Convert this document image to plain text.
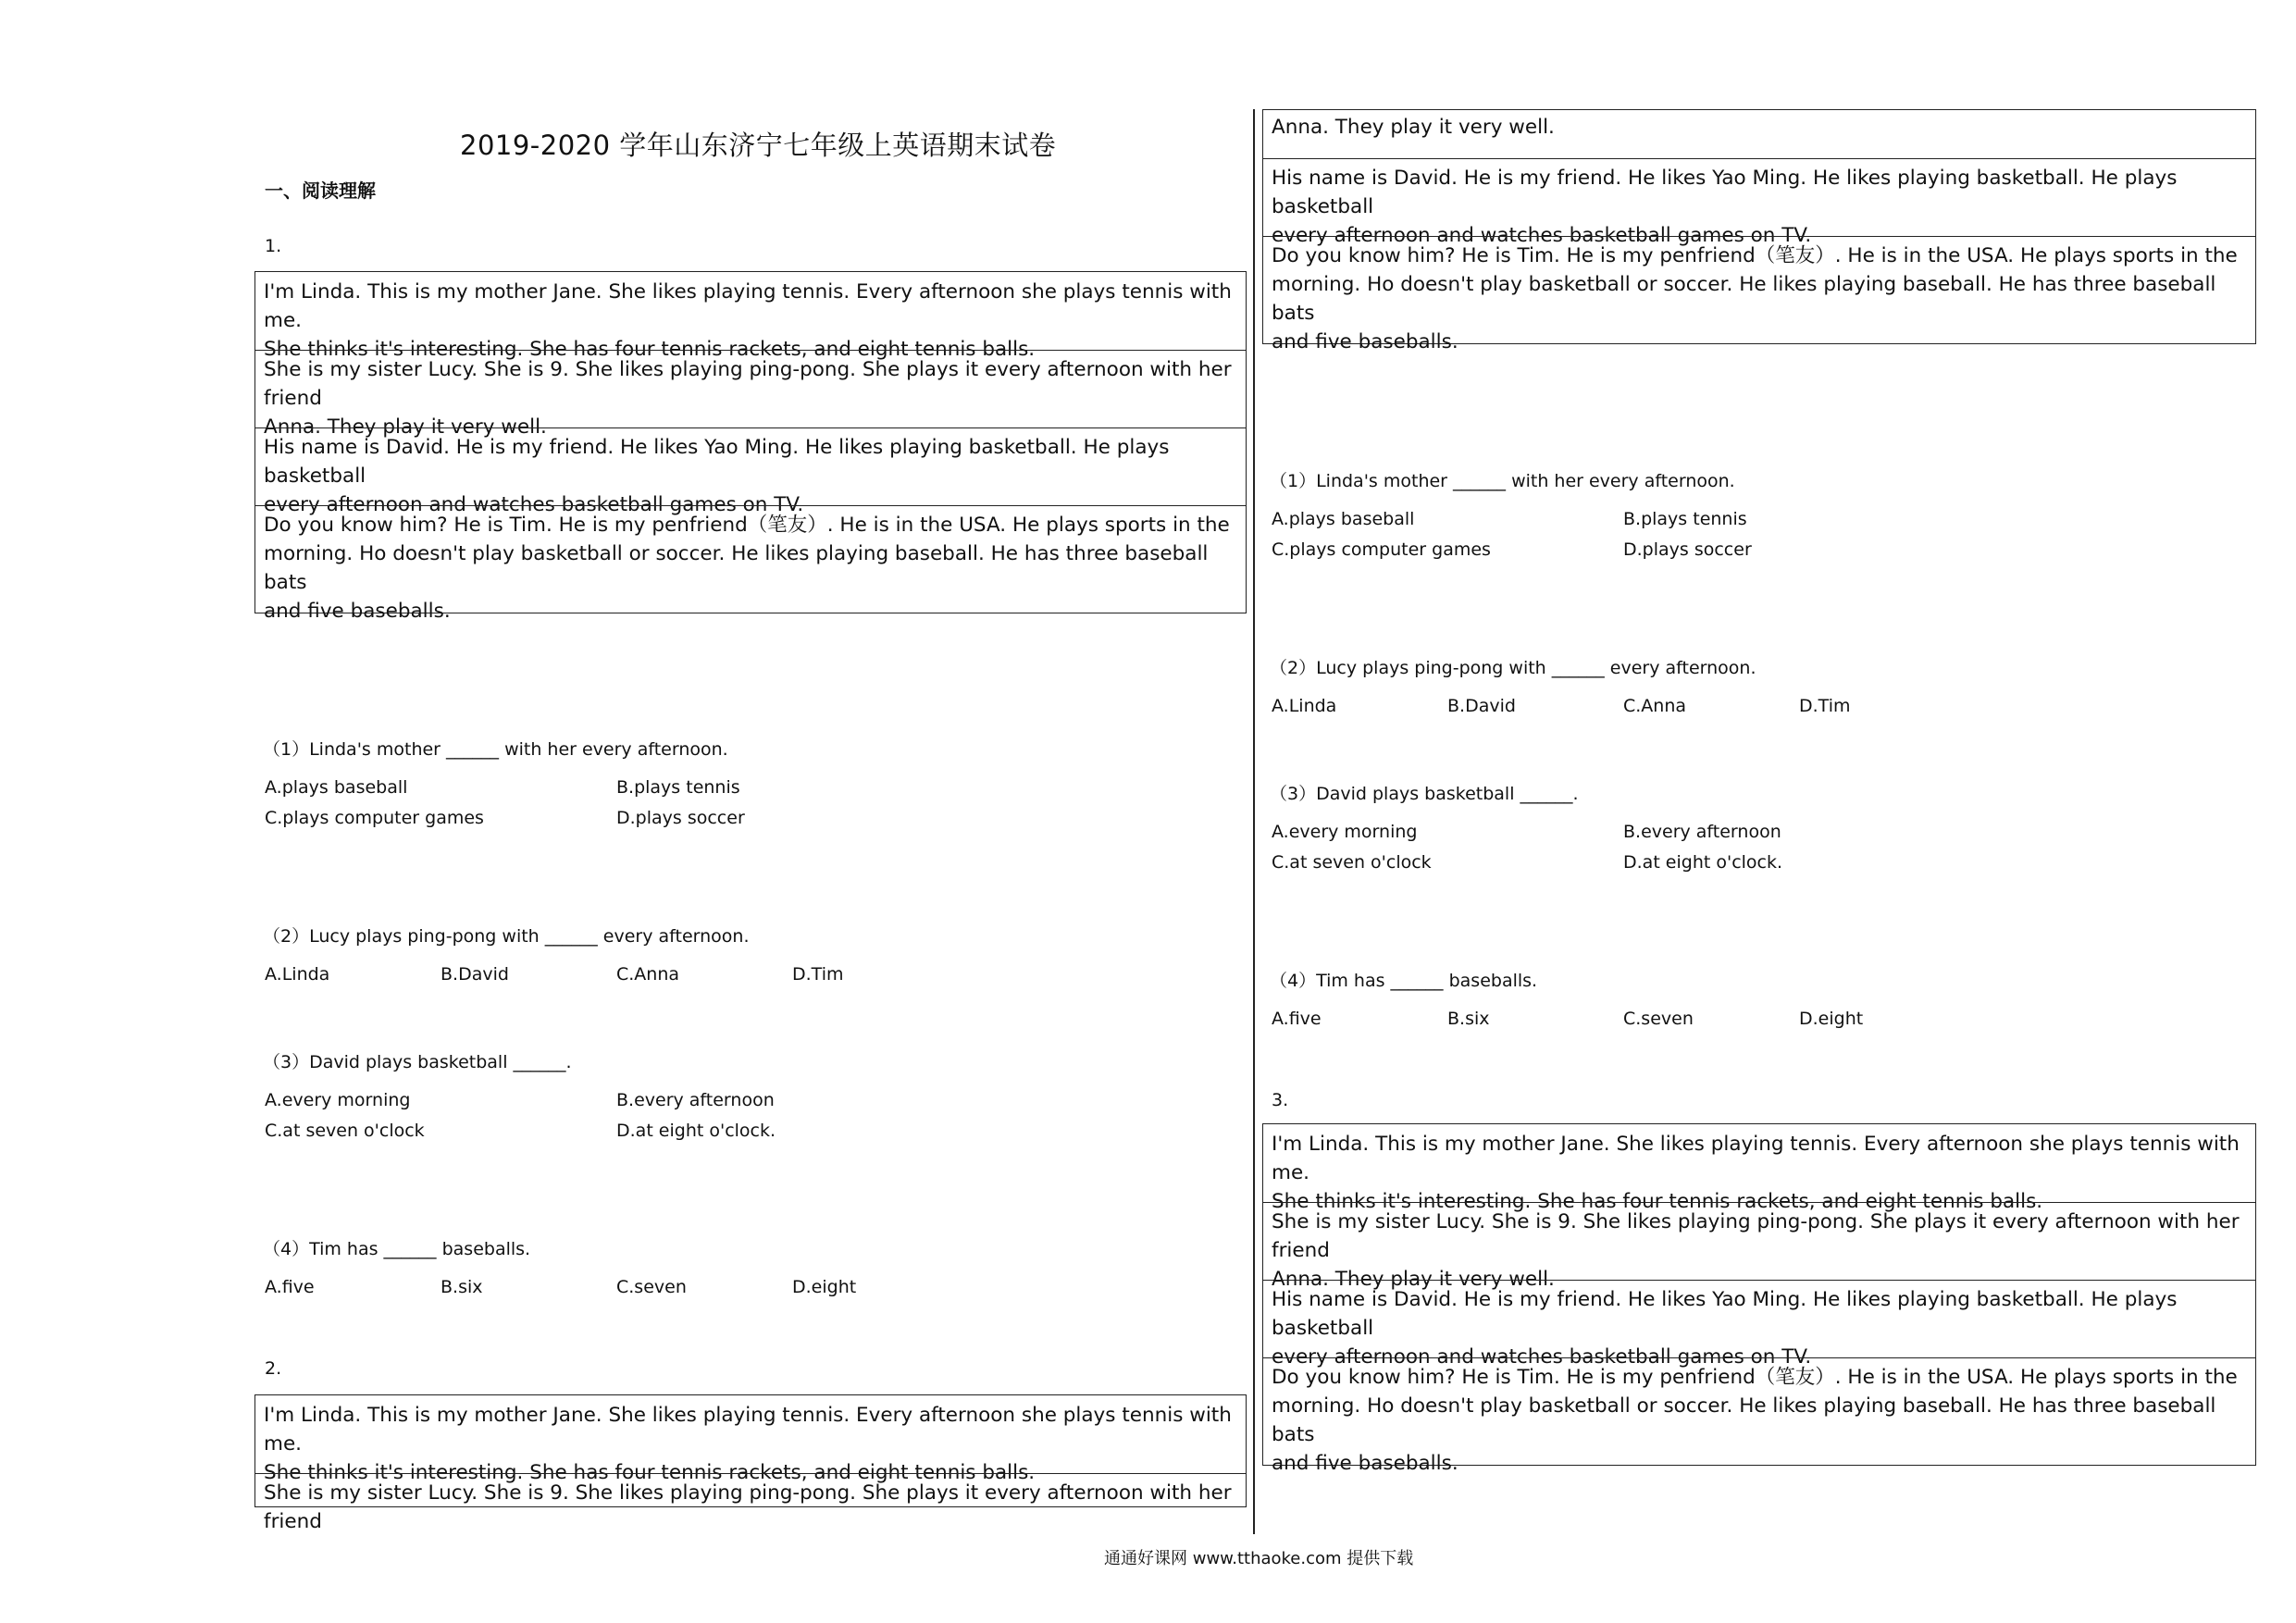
2019-2020 学年山东济宁七年级上英语期末试卷
一、阅读理解
1.
I'm Linda. This is my mother Jane. She likes playing tennis. Every afternoon she plays tennis with me.
She thinks it's interesting. She has four tennis rackets, and eight tennis balls.
She is my sister Lucy. She is 9. She likes playing ping-pong. She plays it every afternoon with her friend
Anna. They play it very well.
His name is David. He is my friend. He likes Yao Ming. He likes playing basketball. He plays basketball
every afternoon and watches basketball games on TV.
Do you know him? He is Tim. He is my penfriend（笔友）. He is in the USA. He plays sports in the
morning. Ho doesn't play basketball or soccer. He likes playing baseball. He has three baseball bats
and five baseballs.
（1）Linda's mother ______ with her every afternoon.
A.plays baseball	B.plays tennis
C.plays computer games	D.plays soccer
（2）Lucy plays ping-pong with ______ every afternoon.
A.Linda	B.David	C.Anna	D.Tim
（3）David plays basketball ______.
A.every morning	B.every afternoon
C.at seven o'clock	D.at eight o'clock.
（4）Tim has ______ baseballs.
A.five	B.six	C.seven	D.eight
2.
I'm Linda. This is my mother Jane. She likes playing tennis. Every afternoon she plays tennis with me.
She thinks it's interesting. She has four tennis rackets, and eight tennis balls.
She is my sister Lucy. She is 9. She likes playing ping-pong. She plays it every afternoon with her friend
Anna. They play it very well.
His name is David. He is my friend. He likes Yao Ming. He likes playing basketball. He plays basketball
every afternoon and watches basketball games on TV.
Do you know him? He is Tim. He is my penfriend（笔友）. He is in the USA. He plays sports in the
morning. Ho doesn't play basketball or soccer. He likes playing baseball. He has three baseball bats
and five baseballs.
（1）Linda's mother ______ with her every afternoon.
A.plays baseball	B.plays tennis
C.plays computer games	D.plays soccer
（2）Lucy plays ping-pong with ______ every afternoon.
A.Linda	B.David	C.Anna	D.Tim
（3）David plays basketball ______.
A.every morning	B.every afternoon
C.at seven o'clock	D.at eight o'clock.
（4）Tim has ______ baseballs.
A.five	B.six	C.seven	D.eight
3.
I'm Linda. This is my mother Jane. She likes playing tennis. Every afternoon she plays tennis with me.
She thinks it's interesting. She has four tennis rackets, and eight tennis balls.
She is my sister Lucy. She is 9. She likes playing ping-pong. She plays it every afternoon with her friend
Anna. They play it very well.
His name is David. He is my friend. He likes Yao Ming. He likes playing basketball. He plays basketball
every afternoon and watches basketball games on TV.
Do you know him? He is Tim. He is my penfriend（笔友）. He is in the USA. He plays sports in the
morning. Ho doesn't play basketball or soccer. He likes playing baseball. He has three baseball bats
and five baseballs.
通通好课网 www.tthaoke.com 提供下载
